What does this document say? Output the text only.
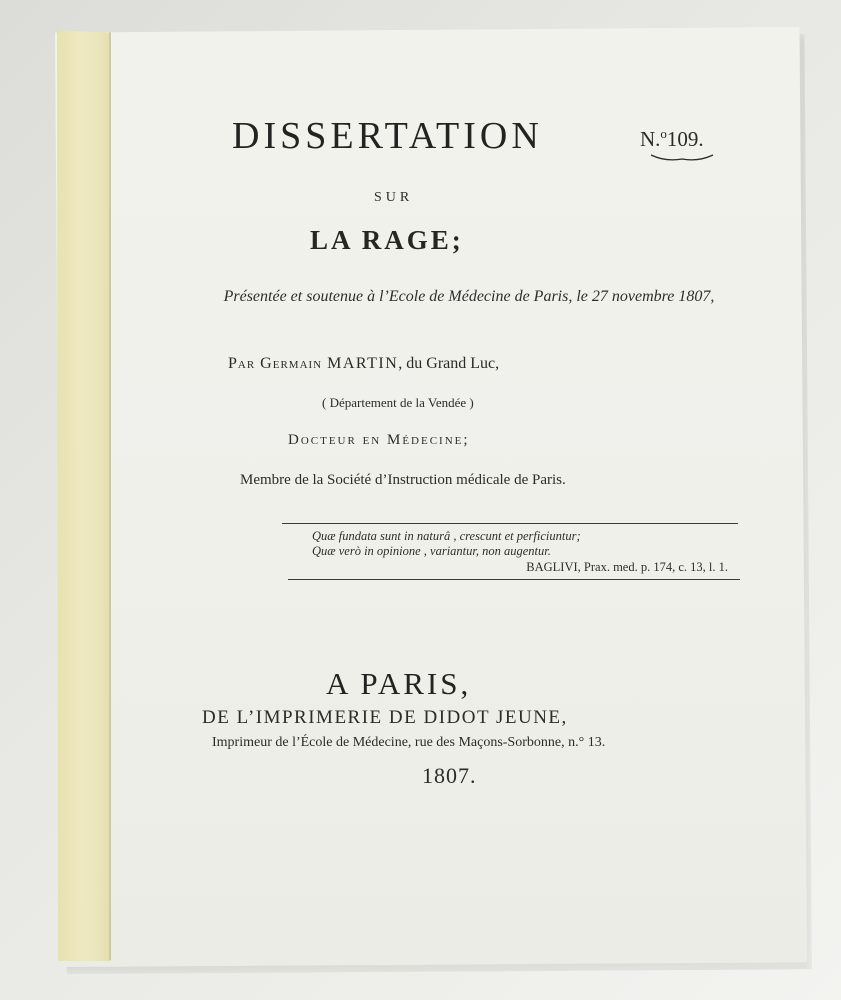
DISSERTATION	N.$^o$109.
SUR
LA RAGE;
Présentée et soutenue à l’Ecole de Médecine de Paris, le 27 novembre 1807,
Par Germain MARTIN, du Grand Luc,
( Département de la Vendée )
Docteur en Médecine;
Membre de la Société d’Instruction médicale de Paris.
Quæ fundata sunt in naturâ , crescunt et perficiuntur;
Quæ verò in opinione , variantur, non augentur.
BAGLIVI, Prax. med. p. 174, c. 13, l. 1.
A PARIS,
DE L’IMPRIMERIE DE DIDOT JEUNE,
Imprimeur de l’École de Médecine, rue des Maçons-Sorbonne, n.° 13.
1807.
